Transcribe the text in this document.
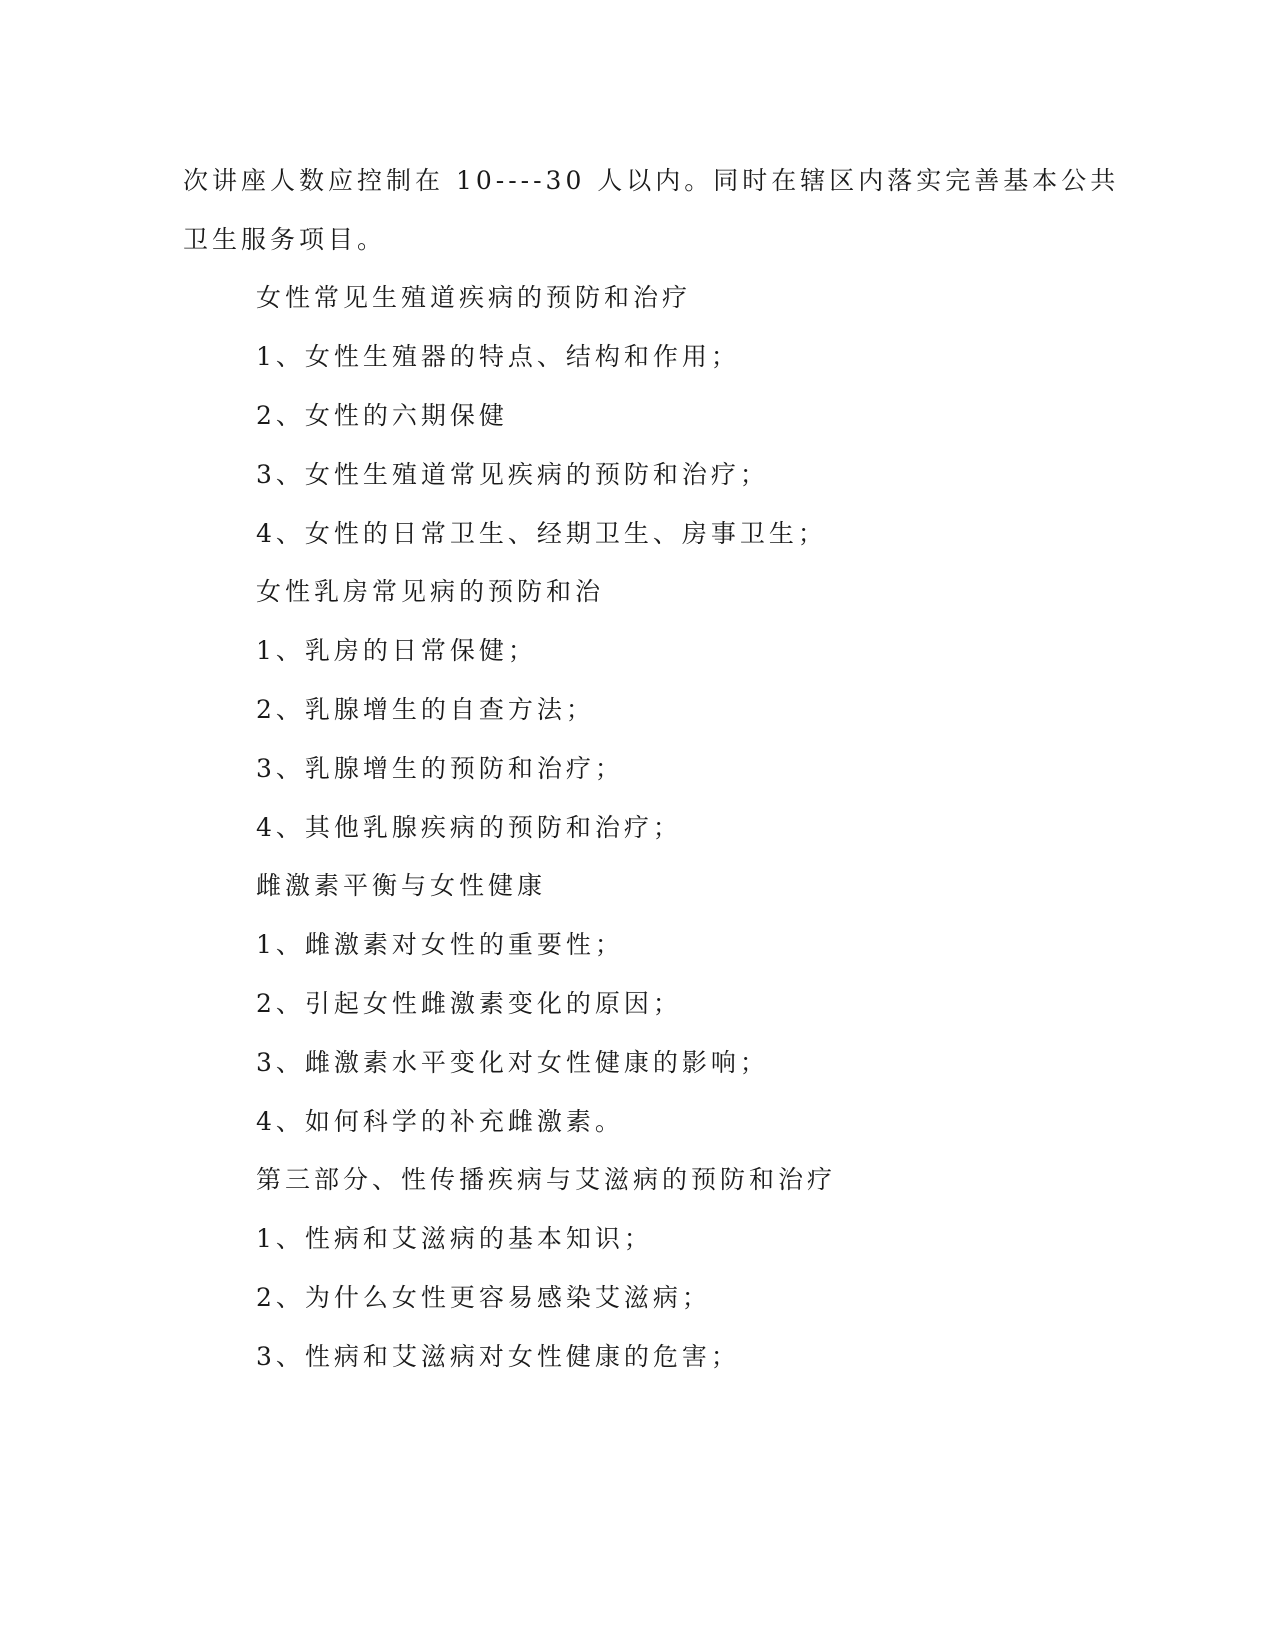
次讲座人数应控制在 10----30 人以内。同时在辖区内落实完善基本公共
卫生服务项目。
女性常见生殖道疾病的预防和治疗
1、女性生殖器的特点、结构和作用；
2、女性的六期保健
3、女性生殖道常见疾病的预防和治疗；
4、女性的日常卫生、经期卫生、房事卫生；
女性乳房常见病的预防和治
1、乳房的日常保健；
2、乳腺增生的自查方法；
3、乳腺增生的预防和治疗；
4、其他乳腺疾病的预防和治疗；
雌激素平衡与女性健康
1、雌激素对女性的重要性；
2、引起女性雌激素变化的原因；
3、雌激素水平变化对女性健康的影响；
4、如何科学的补充雌激素。
第三部分、性传播疾病与艾滋病的预防和治疗
1、性病和艾滋病的基本知识；
2、为什么女性更容易感染艾滋病；
3、性病和艾滋病对女性健康的危害；
